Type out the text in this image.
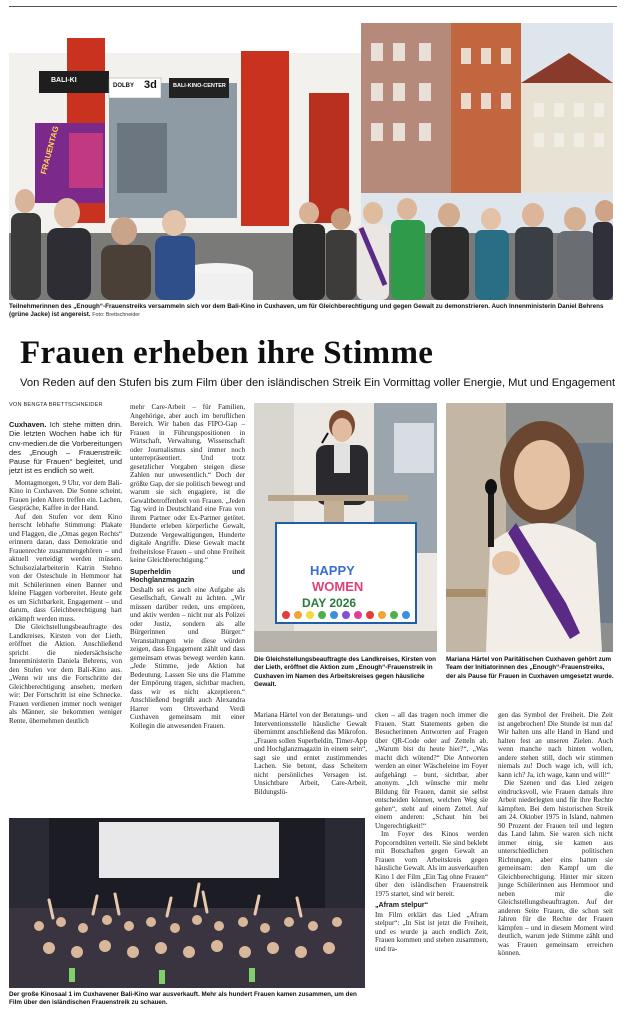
BALI-KI
DOLBY 3d	BALI-KINO-CENTER
FRAUENTAG
Teilnehmerinnen des „Enough“-Frauenstreiks versammeln sich vor dem Bali-Kino in Cuxhaven, um für Gleichberechtigung und gegen Gewalt zu demonstrieren. Auch Innenministerin Daniel Behrens (grüne Jacke) ist angereist. Foto: Brettschneider
Frauen erheben ihre Stimme
Von Reden auf den Stufen bis zum Film über den isländischen Streik Ein Vormittag voller Energie, Mut und Engagement
VON BENGTA BRETTSCHNEIDER

Cuxhaven. Ich stehe mitten drin. Die letzten Wochen habe ich für cnv-medien.de die Vorbereitungen des „Enough – Frauenstreik: Pause für Frauen“ begleitet, und jetzt ist es endlich so weit.

Montagmorgen, 9 Uhr, vor dem Bali-Kino in Cuxhaven. Die Sonne scheint, Frauen jeden Alters treffen ein. Lachen, Gespräche, Kaffee in der Hand.

Auf den Stufen vor dem Kino herrscht lebhafte Stimmung: Plakate und Flaggen, die „Omas gegen Rechts“ erinnern daran, dass Demokratie und Frauenrechte zusammengehören – und aktuell verteidigt werden müssen. Schulsozialarbeiterin Katrin Stehno von der Osteschule in Hemmoor hat mit Schülerinnen einen Banner und kleine Flaggen vorbereitet. Heute geht es um Sichtbarkeit, Engagement – und darum, dass Gleichberechtigung hart erkämpft werden muss.

Die Gleichstellungsbeauftragte des Landkreises, Kirsten von der Lieth, eröffnet die Aktion. Anschließend spricht die niedersächsische Innenministerin Daniela Behrens, von den Stufen vor dem Bali-Kino aus. „Wenn wir uns die Fortschritte der Gleichberechtigung ansehen, merken wir: Der Fortschritt ist eine Schnecke. Frauen verdienen immer noch weniger als Männer, sie bekommen weniger Rente, übernehmen deutlich

mehr Care-Arbeit – für Familien, Angehörige, aber auch im beruflichen Bereich. Wir haben das FIPO-Gap – Frauen in Führungspositionen in Wirtschaft, Verwaltung, Wissenschaft oder Journalismus sind immer noch unterrepräsentiert. Und trotz gesetzlicher Vorgaben steigen diese Zahlen nur unwesentlich.“ Doch der größte Gap, der sie politisch bewegt und warum sie sich engagiere, ist die Gewaltbetroffenheit von Frauen. „Jeden Tag wird in Deutschland eine Frau von ihrem Partner oder Ex-Partner getötet. Hunderte erleben körperliche Gewalt, Dutzende Vergewaltigungen, Hunderte digitale Angriffe. Diese Gewalt macht freiheitslose Frauen – und ohne Freiheit keine Gleichberechtigung.“

Superheldin und Hochglanzmagazin

Deshalb sei es auch eine Aufgabe als Gesellschaft, Gewalt zu ächten. „Wir müssen darüber reden, uns empören, und aktiv werden – nicht nur als Polizei oder Justiz, sondern als alle Bürgerinnen und Bürger.“ Veranstaltungen wie diese würden zeigen, dass Engagement zählt und dass gemeinsam etwas bewegt werden kann. „Jede Stimme, jede Aktion hat Bedeutung. Lassen Sie uns die Flamme der Empörung tragen, sichtbar machen, dass wir es nicht akzeptieren.“ Anschließend begrüßt auch Alexandra Harrer vom Ortsverband Verdi Cuxhaven gemeinsam mit einer Kollegin die anwesenden Frauen.

HAPPY
WOMEN
DAY 2026
Die Gleichstellungsbeauftragte des Landkreises, Kirsten von der Lieth, eröffnet die Aktion zum „Enough“-Frauenstreik in Cuxhaven im Namen des Arbeitskreises gegen häusliche Gewalt.
Mariana Härtel von Paritätischen Cuxhaven gehört zum Team der Initiatorinnen des „Enough“-Frauenstreiks, der als Pause für Frauen in Cuxhaven umgesetzt wurde.

Mariana Härtel von der Beratungs- und Interventionsstelle häusliche Gewalt übernimmt anschließend das Mikrofon. „Frauen sollen Superheldin, Timer-App und Hochglanzmagazin in einem sein“, sagt sie und erntet zustimmendes Lachen. Sie betont, dass Scheitern nicht persönliches Versagen ist. Unsichtbare Arbeit, Care-Arbeit, Bildungslü-

cken – all das tragen noch immer die Frauen. Statt Statements geben die Besucherinnen Antworten auf Fragen über QR-Code oder auf Zetteln ab. „Warum bist du heute hier?“, „Was macht dich wütend?“ Die Antworten werden an einer Wäscheleine im Foyer aufgehängt – bunt, sichtbar, aber anonym. „Ich wünsche mir mehr Bildung für Frauen, damit sie selbst entscheiden können, welchen Weg sie gehen“, steht auf einem Zettel. Auf einem anderen: „Schaut hin bei Ungerechtigkeit!“

Im Foyer des Kinos werden Popcorndtüten verteilt. Sie sind beklebt mit Botschaften gegen Gewalt an Frauen vom Arbeitskreis gegen häusliche Gewalt. Als im ausverkauften Kino 1 der Film „Ein Tag ohne Frauen“ über den isländischen Frauenstreik 1975 startet, sind wir bereit.

„Afram stelpur“

Im Film erklärt das Lied „Afram stelpur“: „In Sist ist jetzt die Freiheit, und es wurde ja auch endlich Zeit, Frauen kommen und stehen zusammen, und tra-

gen das Symbol der Freiheit. Die Zeit ist angebrochen! Die Stunde ist nun da! Wir halten uns alle Hand in Hand und halten fest an unseren Zielen. Auch wenn manche nach hinten wollen, andere stehen still, doch wir stimmen niemals zu! Doch wage ich, will ich, kann ich? Ja, ich wage, kann und will!“

Die Szenen und das Lied zeigen eindrucksvoll, wie Frauen damals ihre Arbeit niederlegten und für ihre Rechte kämpften. Bei dem historischen Streik am 24. Oktober 1975 in Island, nahmen 90 Prozent der Frauen teil und legten das Land lahm. Sie waren sich nicht immer einig, sie kamen aus unterschiedlichen politischen Richtungen, aber eins hatten sie gemeinsam: den Kampf um die Gleichberechtigung. Hinter mir sitzen junge Schülerinnen aus Hemmoor und neben mir die Gleichstellungsbeauftragten. Auf der anderen Seite Frauen, die schon seit Jahren für die Rechte der Frauen kämpfen – und in diesem Moment wird deutlich, warum jede Stimme zählt und was Frauen gemeinsam erreichen können.

Der große Kinosaal 1 im Cuxhavener Bali-Kino war ausverkauft. Mehr als hundert Frauen kamen zusammen, um den Film über den isländischen Frauenstreik zu schauen.
